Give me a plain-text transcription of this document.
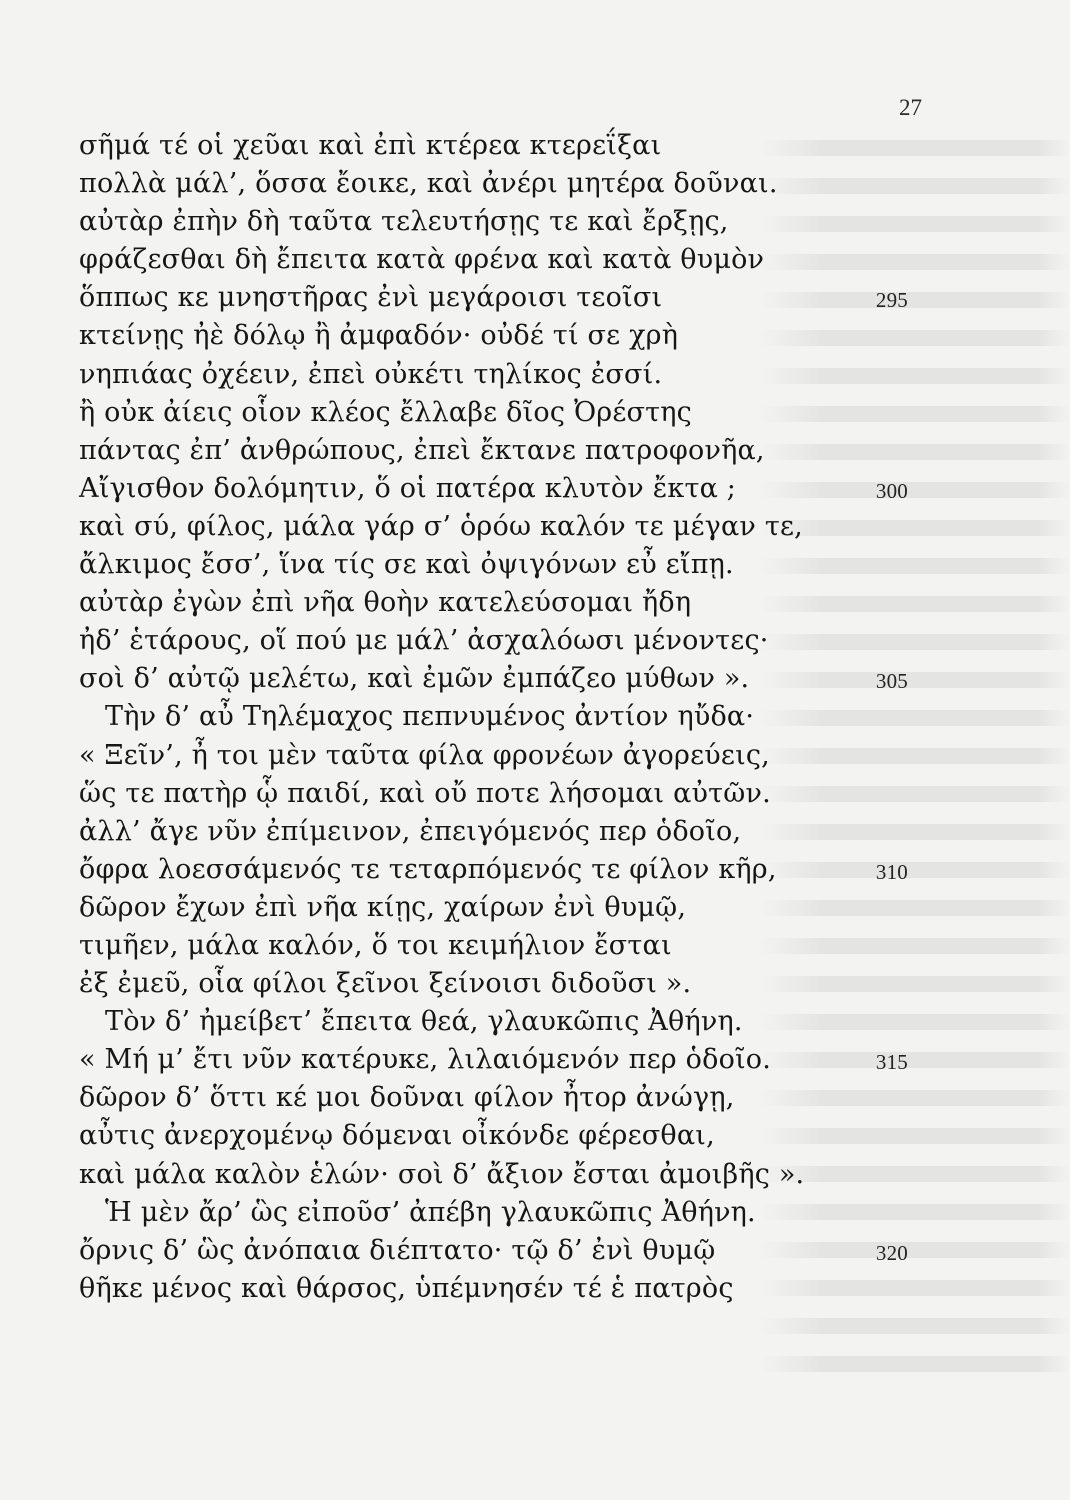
27
σῆμά τέ οἱ χεῦαι καὶ ἐπὶ κτέρεα κτερεΐξαι
πολλὰ μάλ’, ὅσσα ἔοικε, καὶ ἀνέρι μητέρα δοῦναι.
αὐτὰρ ἐπὴν δὴ ταῦτα τελευτήσῃς τε καὶ ἔρξῃς,
φράζεσθαι δὴ ἔπειτα κατὰ φρένα καὶ κατὰ θυμὸν
ὅππως κε μνηστῆρας ἐνὶ μεγάροισι τεοῖσι	295
κτείνῃς ἠὲ δόλῳ ἢ ἀμφαδόν· οὐδέ τί σε χρὴ
νηπιάας ὀχέειν, ἐπεὶ οὐκέτι τηλίκος ἐσσί.
ἢ οὐκ ἀίεις οἷον κλέος ἔλλαβε δῖος Ὀρέστης
πάντας ἐπ’ ἀνθρώπους, ἐπεὶ ἔκτανε πατροφονῆα,
Αἴγισθον δολόμητιν, ὅ οἱ πατέρα κλυτὸν ἔκτα ;	300
καὶ σύ, φίλος, μάλα γάρ σ’ ὁρόω καλόν τε μέγαν τε,
ἄλκιμος ἔσσ’, ἵνα τίς σε καὶ ὀψιγόνων εὖ εἴπῃ.
αὐτὰρ ἐγὼν ἐπὶ νῆα θοὴν κατελεύσομαι ἤδη
ἠδ’ ἑτάρους, οἵ πού με μάλ’ ἀσχαλόωσι μένοντες·
σοὶ δ’ αὐτῷ μελέτω, καὶ ἐμῶν ἐμπάζεο μύθων ».	305
Τὴν δ’ αὖ Τηλέμαχος πεπνυμένος ἀντίον ηὔδα·
« Ξεῖν’, ἦ τοι μὲν ταῦτα φίλα φρονέων ἀγορεύεις,
ὥς τε πατὴρ ᾧ παιδί, καὶ οὔ ποτε λήσομαι αὐτῶν.
ἀλλ’ ἄγε νῦν ἐπίμεινον, ἐπειγόμενός περ ὁδοῖο,
ὄφρα λοεσσάμενός τε τεταρπόμενός τε φίλον κῆρ,	310
δῶρον ἔχων ἐπὶ νῆα κίῃς, χαίρων ἐνὶ θυμῷ,
τιμῆεν, μάλα καλόν, ὅ τοι κειμήλιον ἔσται
ἐξ ἐμεῦ, οἷα φίλοι ξεῖνοι ξείνοισι διδοῦσι ».
Τὸν δ’ ἠμείβετ’ ἔπειτα θεά, γλαυκῶπις Ἀθήνη.
« Μή μ’ ἔτι νῦν κατέρυκε, λιλαιόμενόν περ ὁδοῖο.	315
δῶρον δ’ ὅττι κέ μοι δοῦναι φίλον ἦτορ ἀνώγῃ,
αὖτις ἀνερχομένῳ δόμεναι οἶκόνδε φέρεσθαι,
καὶ μάλα καλὸν ἑλών· σοὶ δ’ ἄξιον ἔσται ἀμοιβῆς ».
Ἡ μὲν ἄρ’ ὣς εἰποῦσ’ ἀπέβη γλαυκῶπις Ἀθήνη.
ὄρνις δ’ ὣς ἀνόπαια διέπτατο· τῷ δ’ ἐνὶ θυμῷ	320
θῆκε μένος καὶ θάρσος, ὑπέμνησέν τέ ἑ πατρὸς
